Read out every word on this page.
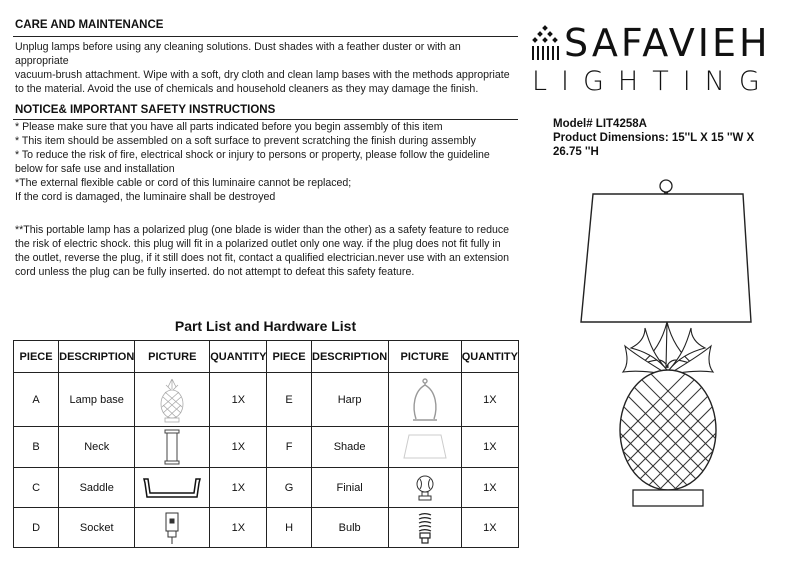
CARE AND MAINTENANCE

Unplug lamps before using any cleaning solutions. Dust shades with a feather duster or with an

appropriate

vacuum-brush attachment. Wipe with a soft, dry cloth and clean lamp bases with the methods appropriate

to the material. Avoid the use of chemicals and household cleaners as they may damage the finish.

NOTICE& IMPORTANT SAFETY INSTRUCTIONS

* Please make sure that you have all parts indicated before you begin assembly of this item

* This item should be assembled on a soft surface to prevent scratching the finish during assembly

* To reduce the risk of fire, electrical shock or injury to persons or property, please follow the guideline

below for safe use and installation

*The external flexible cable or cord of this luminaire cannot be replaced;

If the cord is damaged, the luminaire shall be destroyed

**This portable lamp has a polarized plug (one blade is wider than the other) as a safety feature to reduce

the risk of electric shock. this plug will fit in a polarized outlet only one way. if the plug does not fit fully in

the outlet, reverse the plug, if it still does not fit, contact a qualified electrician.never use with an extension

cord unless the plug can be fully inserted. do not attempt to defeat this safety feature.

SAFAVIEH
LIGHTING
Model# LIT4258A
Product Dimensions: 15''L X 15 ''W X
26.75 ''H
Part List and Hardware List
PIECE	DESCRIPTION	PICTURE	QUANTITY	PIECE	DESCRIPTION	PICTURE	QUANTITY
A	Lamp base		1X	E	Harp		1X
B	Neck		1X	F	Shade		1X
C	Saddle		1X	G	Finial		1X
D	Socket		1X	H	Bulb		1X
